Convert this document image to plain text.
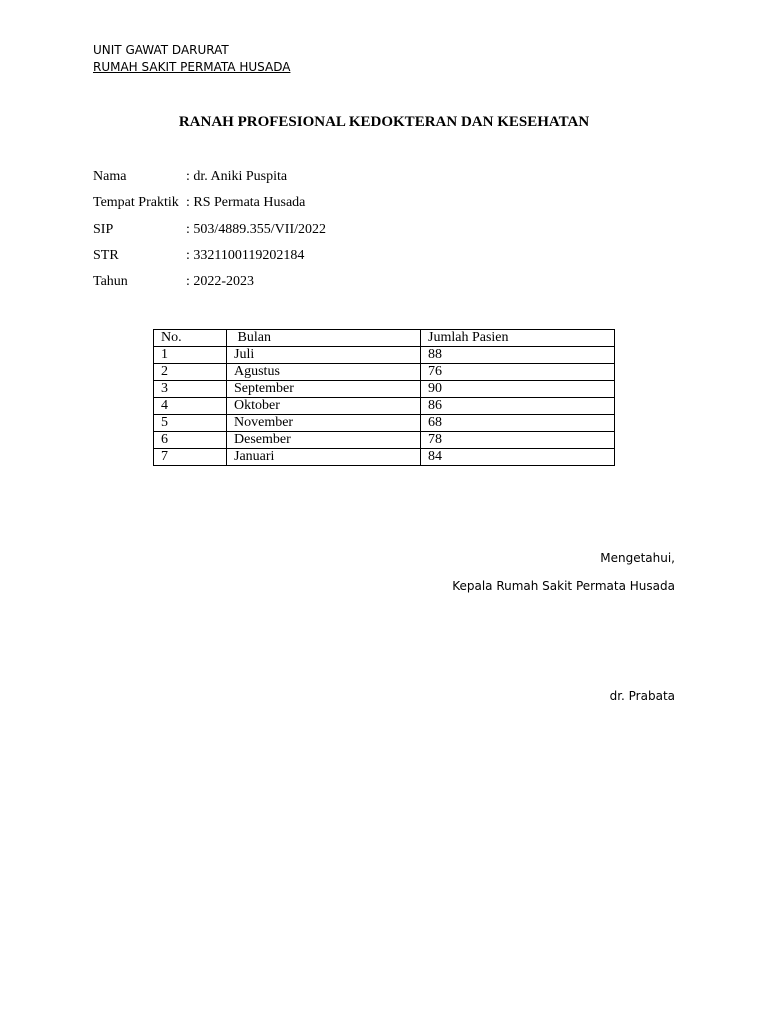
UNIT GAWAT DARURAT
RUMAH SAKIT PERMATA HUSADA
RANAH PROFESIONAL KEDOKTERAN DAN KESEHATAN
Nama	: dr. Aniki Puspita
Tempat Praktik : RS Permata Husada
SIP	: 503/4889.355/VII/2022
STR	: 3321100119202184
Tahun	: 2022-2023
No.	Bulan	Jumlah Pasien
1	Juli	88
2	Agustus	76
3	September	90
4	Oktober	86
5	November	68
6	Desember	78
7	Januari	84
Mengetahui,
Kepala Rumah Sakit Permata Husada
dr. Prabata
